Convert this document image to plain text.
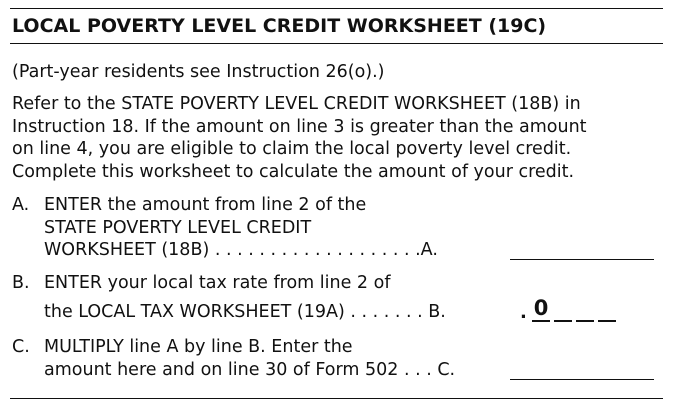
LOCAL POVERTY LEVEL CREDIT WORKSHEET (19C)
(Part-year residents see Instruction 26(o).)
Refer to the STATE POVERTY LEVEL CREDIT WORKSHEET (18B) in
Instruction 18. If the amount on line 3 is greater than the amount
on line 4, you are eligible to claim the local poverty level credit.
Complete this worksheet to calculate the amount of your credit.
A. ENTER the amount from line 2 of the
STATE POVERTY LEVEL CREDIT
WORKSHEET (18B) . . . . . . . . . . . . . . . . . . .A.
B. ENTER your local tax rate from line 2 of
the LOCAL TAX WORKSHEET (19A) . . . . . . . B.	. 0
C. MULTIPLY line A by line B. Enter the
amount here and on line 30 of Form 502 . . . C.
